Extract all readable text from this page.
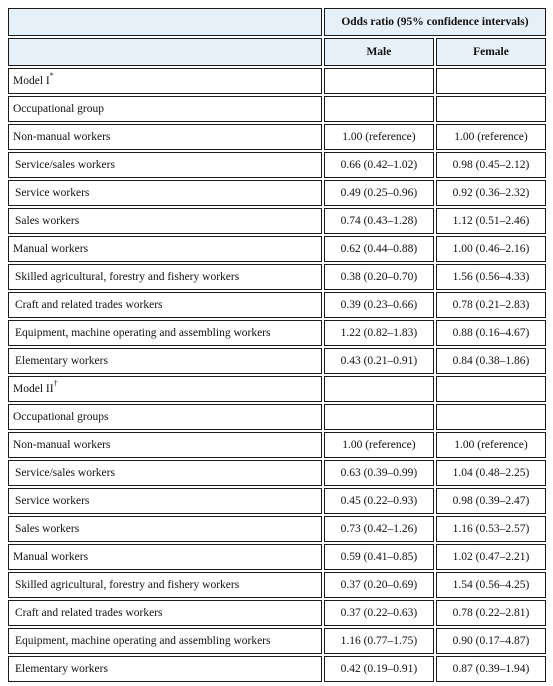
	Odds ratio (95% confidence intervals)	
	Male	Female
Model I*		
Occupational group		
Non-manual workers	1.00 (reference)	1.00 (reference)
Service/sales workers	0.66 (0.42–1.02)	0.98 (0.45–2.12)
Service workers	0.49 (0.25–0.96)	0.92 (0.36–2.32)
Sales workers	0.74 (0.43–1.28)	1.12 (0.51–2.46)
Manual workers	0.62 (0.44–0.88)	1.00 (0.46–2.16)
Skilled agricultural, forestry and fishery workers	0.38 (0.20–0.70)	1.56 (0.56–4.33)
Craft and related trades workers	0.39 (0.23–0.66)	0.78 (0.21–2.83)
Equipment, machine operating and assembling workers	1.22 (0.82–1.83)	0.88 (0.16–4.67)
Elementary workers	0.43 (0.21–0.91)	0.84 (0.38–1.86)
Model II†		
Occupational groups		
Non-manual workers	1.00 (reference)	1.00 (reference)
Service/sales workers	0.63 (0.39–0.99)	1.04 (0.48–2.25)
Service workers	0.45 (0.22–0.93)	0.98 (0.39–2.47)
Sales workers	0.73 (0.42–1.26)	1.16 (0.53–2.57)
Manual workers	0.59 (0.41–0.85)	1.02 (0.47–2.21)
Skilled agricultural, forestry and fishery workers	0.37 (0.20–0.69)	1.54 (0.56–4.25)
Craft and related trades workers	0.37 (0.22–0.63)	0.78 (0.22–2.81)
Equipment, machine operating and assembling workers	1.16 (0.77–1.75)	0.90 (0.17–4.87)
Elementary workers	0.42 (0.19–0.91)	0.87 (0.39–1.94)
